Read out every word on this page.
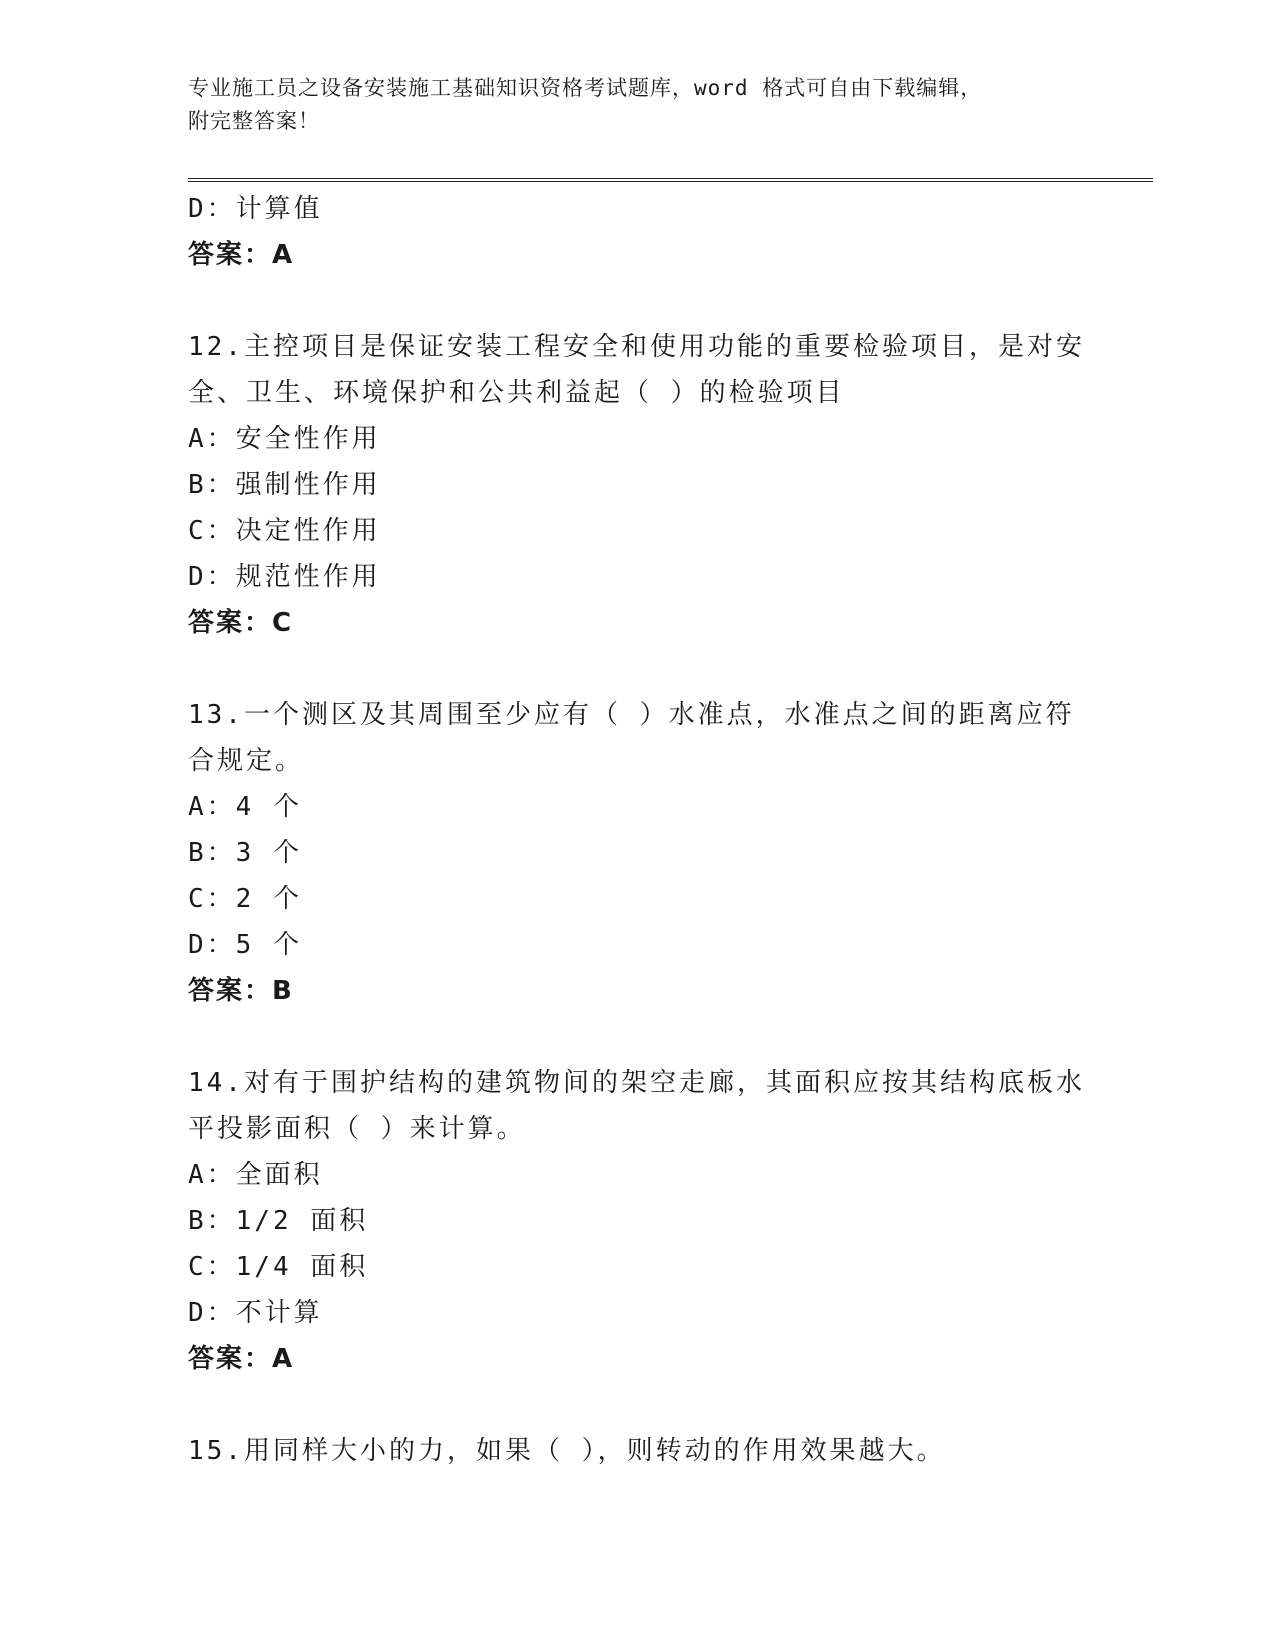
专业施工员之设备安装施工基础知识资格考试题库，word 格式可自由下载编辑，
附完整答案！
D：计算值
答案：A
12.主控项目是保证安装工程安全和使用功能的重要检验项目，是对安
全、卫生、环境保护和公共利益起（ ）的检验项目
A：安全性作用
B：强制性作用
C：决定性作用
D：规范性作用
答案：C
13.一个测区及其周围至少应有（ ）水准点，水准点之间的距离应符
合规定。
A：4 个
B：3 个
C：2 个
D：5 个
答案：B
14.对有于围护结构的建筑物间的架空走廊，其面积应按其结构底板水
平投影面积（ ）来计算。
A：全面积
B：1/2 面积
C：1/4 面积
D：不计算
答案：A
15.用同样大小的力，如果（ ），则转动的作用效果越大。
